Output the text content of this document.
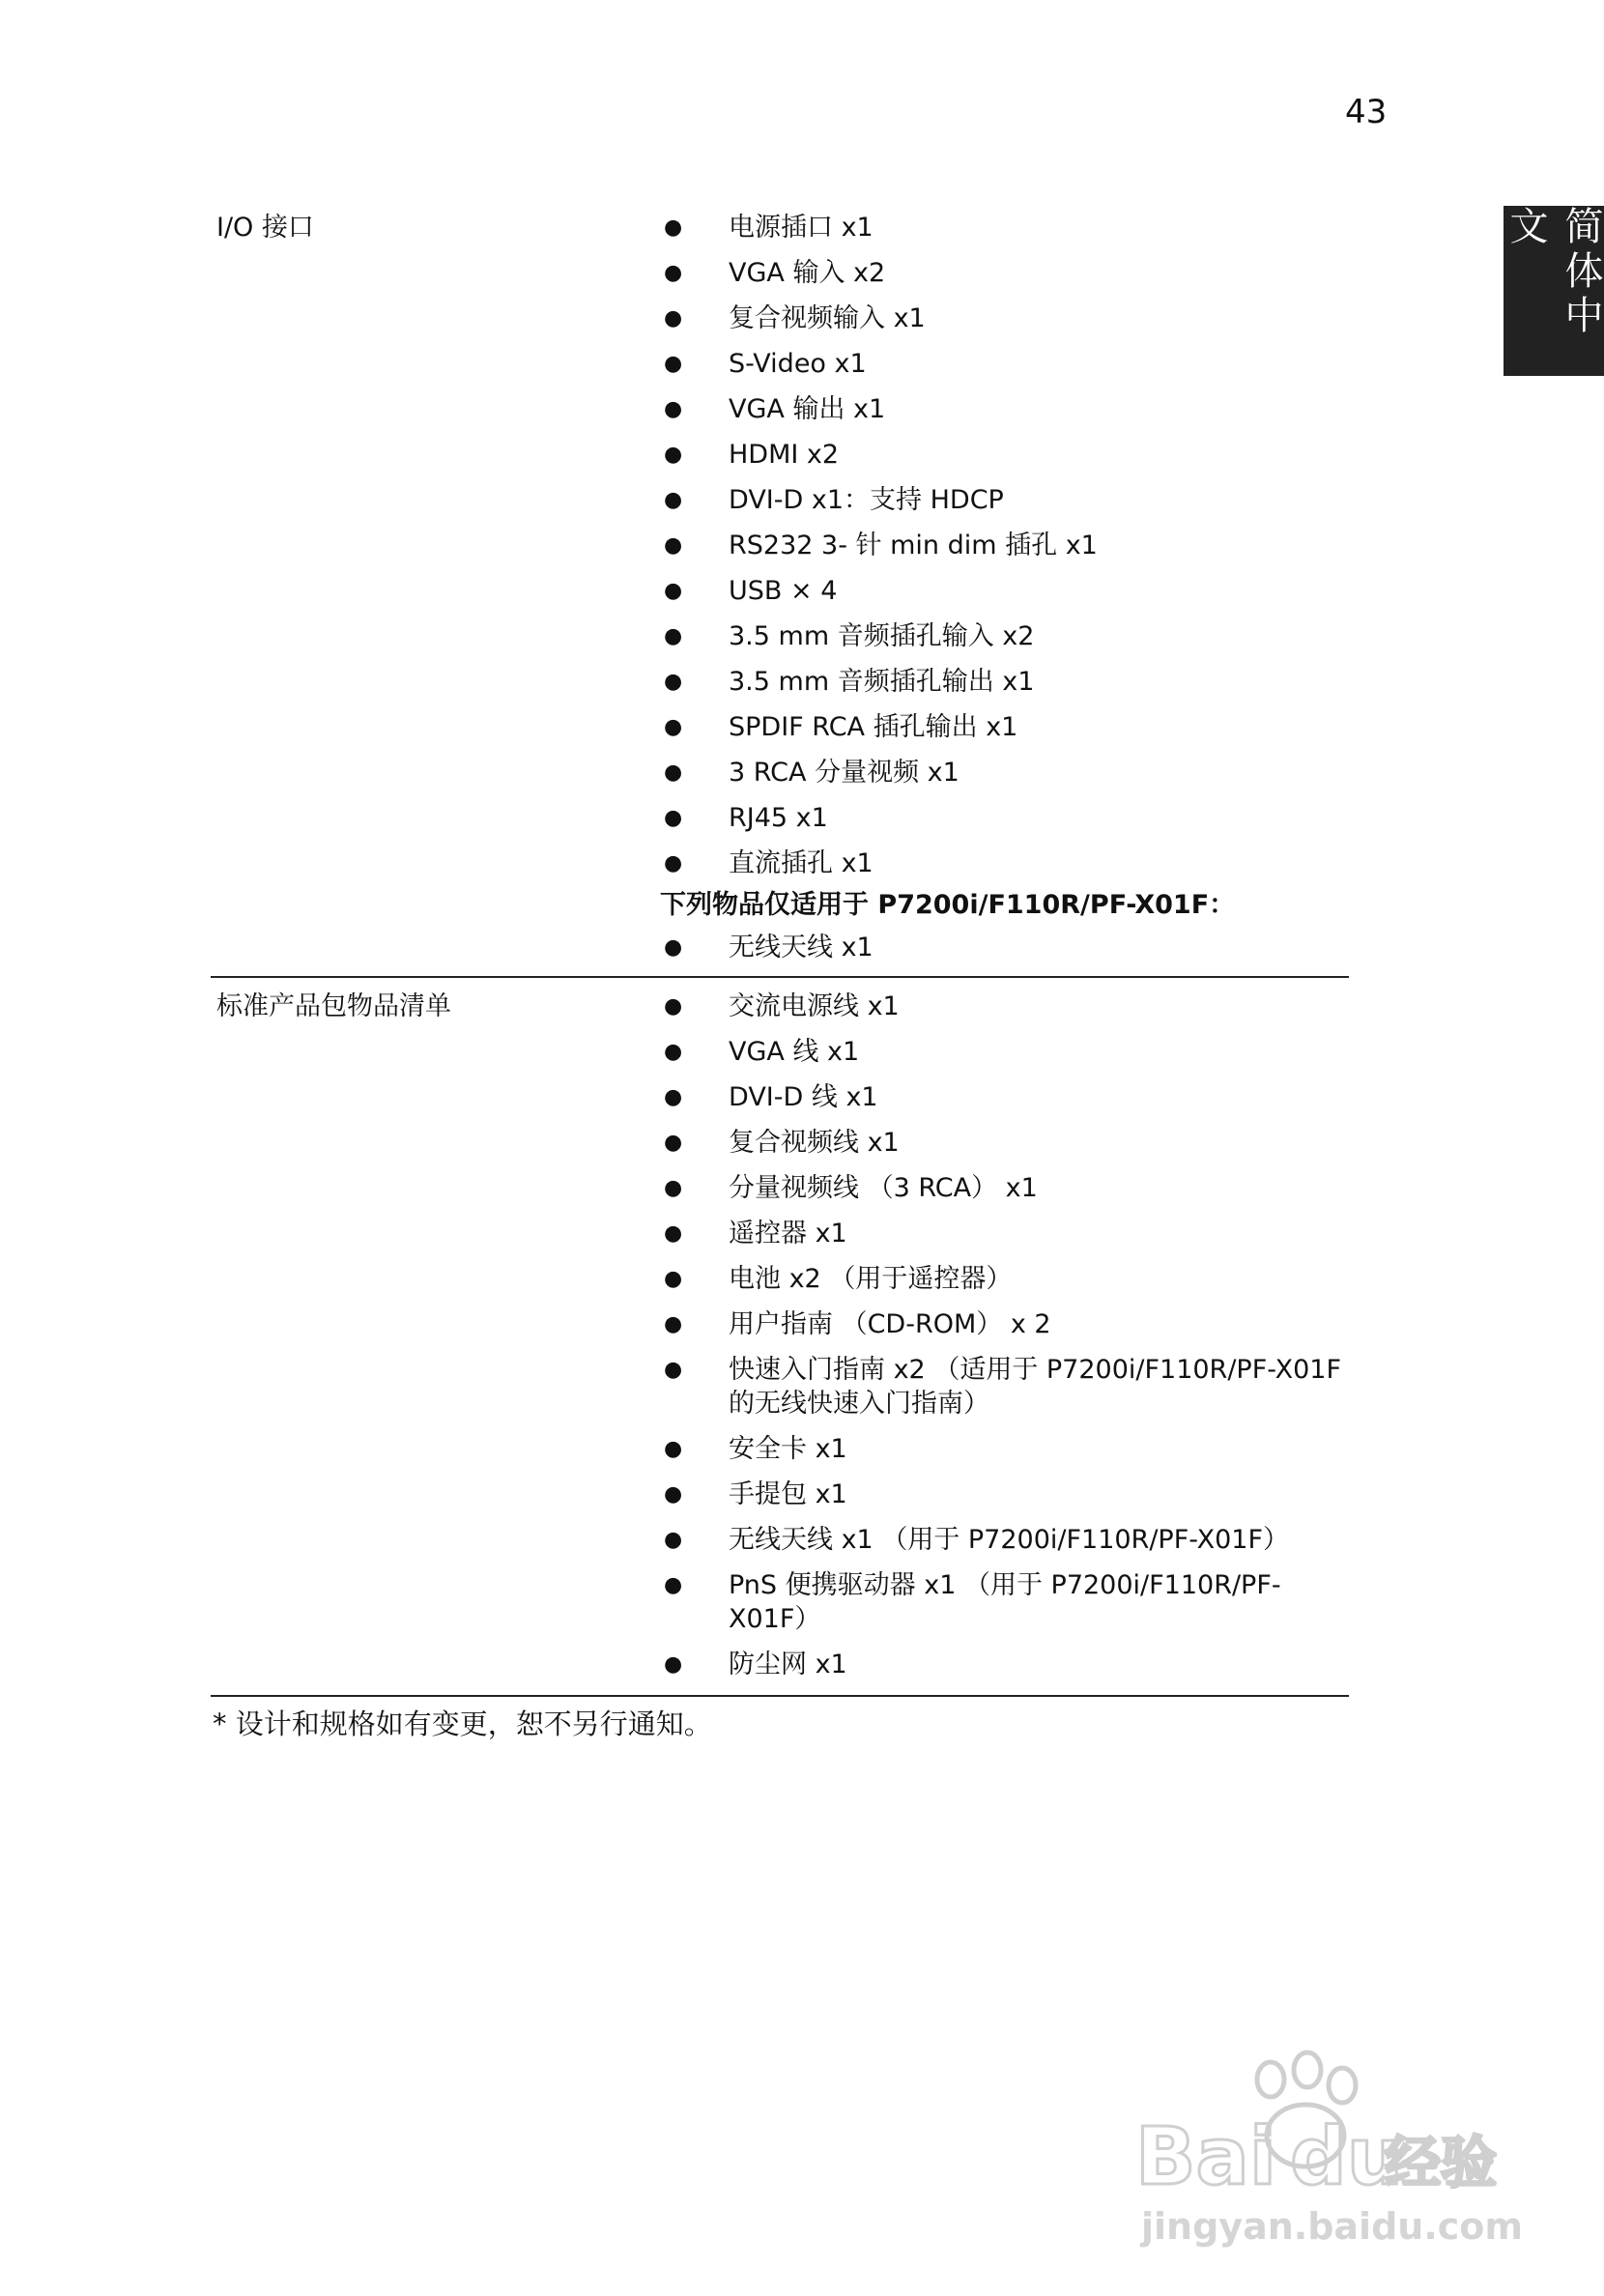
43
简体中文
I/O 接口	●	电源插口 x1
●	VGA 输入 x2
●	复合视频输入 x1
●	S-Video x1
●	VGA 输出 x1
●	HDMI x2
●	DVI-D x1：支持 HDCP
●	RS232 3- 针 min dim 插孔 x1
●	USB × 4
●	3.5 mm 音频插孔输入 x2
●	3.5 mm 音频插孔输出 x1
●	SPDIF RCA 插孔输出 x1
●	3 RCA 分量视频 x1
●	RJ45 x1
●	直流插孔 x1
下列物品仅适用于 P7200i/F110R/PF-X01F：
●	无线天线 x1
标准产品包物品清单	●	交流电源线 x1
●	VGA 线 x1
●	DVI-D 线 x1
●	复合视频线 x1
●	分量视频线 （3 RCA） x1
●	遥控器 x1
●	电池 x2 （用于遥控器）
●	用户指南 （CD-ROM） x 2
●	快速入门指南 x2 （适用于 P7200i/F110R/PF-X01F 的无线快速入门指南）
●	安全卡 x1
●	手提包 x1
●	无线天线 x1 （用于 P7200i/F110R/PF-X01F）
●	PnS 便携驱动器 x1 （用于 P7200i/F110R/PF-X01F）
●	防尘网 x1
* 设计和规格如有变更，恕不另行通知。
Bai du
经验
jingyan.baidu.com
